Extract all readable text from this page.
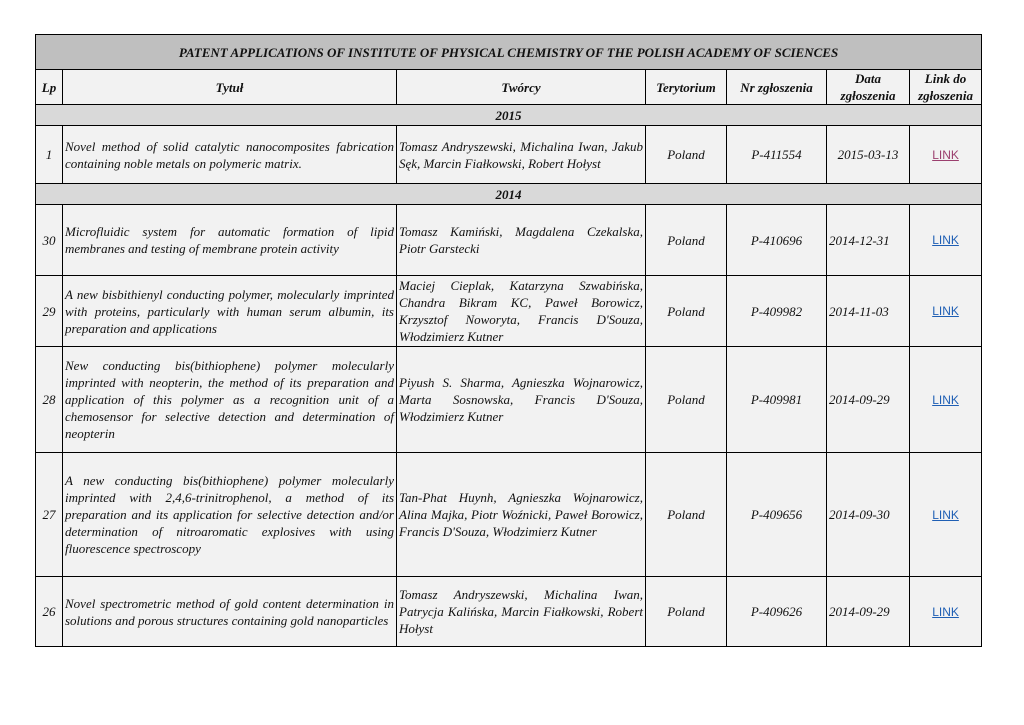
PATENT APPLICATIONS OF INSTITUTE OF PHYSICAL CHEMISTRY OF THE POLISH ACADEMY OF SCIENCES						
Lp	Tytuł	Twórcy	Terytorium	Nr zgłoszenia	Data zgłoszenia	Link do zgłoszenia
2015						
1	Novel method of solid catalytic nanocomposites fabrication containing noble metals on polymeric matrix.	Tomasz Andryszewski, Michalina Iwan, Jakub Sęk, Marcin Fiałkowski, Robert Hołyst	Poland	P-411554	2015-03-13	LINK
2014						
30	Microfluidic system for automatic formation of lipid membranes and testing of membrane protein activity	Tomasz Kamiński, Magdalena Czekalska, Piotr Garstecki	Poland	P-410696	2014-12-31	LINK
29	A new bisbithienyl conducting polymer, molecularly imprinted with proteins, particularly with human serum albumin, its preparation and applications	Maciej Cieplak, Katarzyna Szwabińska, Chandra Bikram KC, Paweł Borowicz, Krzysztof Noworyta, Francis D'Souza, Włodzimierz Kutner	Poland	P-409982	2014-11-03	LINK
28	New conducting bis(bithiophene) polymer molecularly imprinted with neopterin, the method of its preparation and application of this polymer as a recognition unit of a chemosensor for selective detection and determination of neopterin	Piyush S. Sharma, Agnieszka Wojnarowicz, Marta Sosnowska, Francis D'Souza, Włodzimierz Kutner	Poland	P-409981	2014-09-29	LINK
27	A new conducting bis(bithiophene) polymer molecularly imprinted with 2,4,6-trinitrophenol, a method of its preparation and its application for selective detection and/or determination of nitroaromatic explosives with using fluorescence spectroscopy	Tan-Phat Huynh, Agnieszka Wojnarowicz, Alina Majka, Piotr Woźnicki, Paweł Borowicz, Francis D'Souza, Włodzimierz Kutner	Poland	P-409656	2014-09-30	LINK
26	Novel spectrometric method of gold content determination in solutions and porous structures containing gold nanoparticles	Tomasz Andryszewski, Michalina Iwan, Patrycja Kalińska, Marcin Fiałkowski, Robert Hołyst	Poland	P-409626	2014-09-29	LINK
